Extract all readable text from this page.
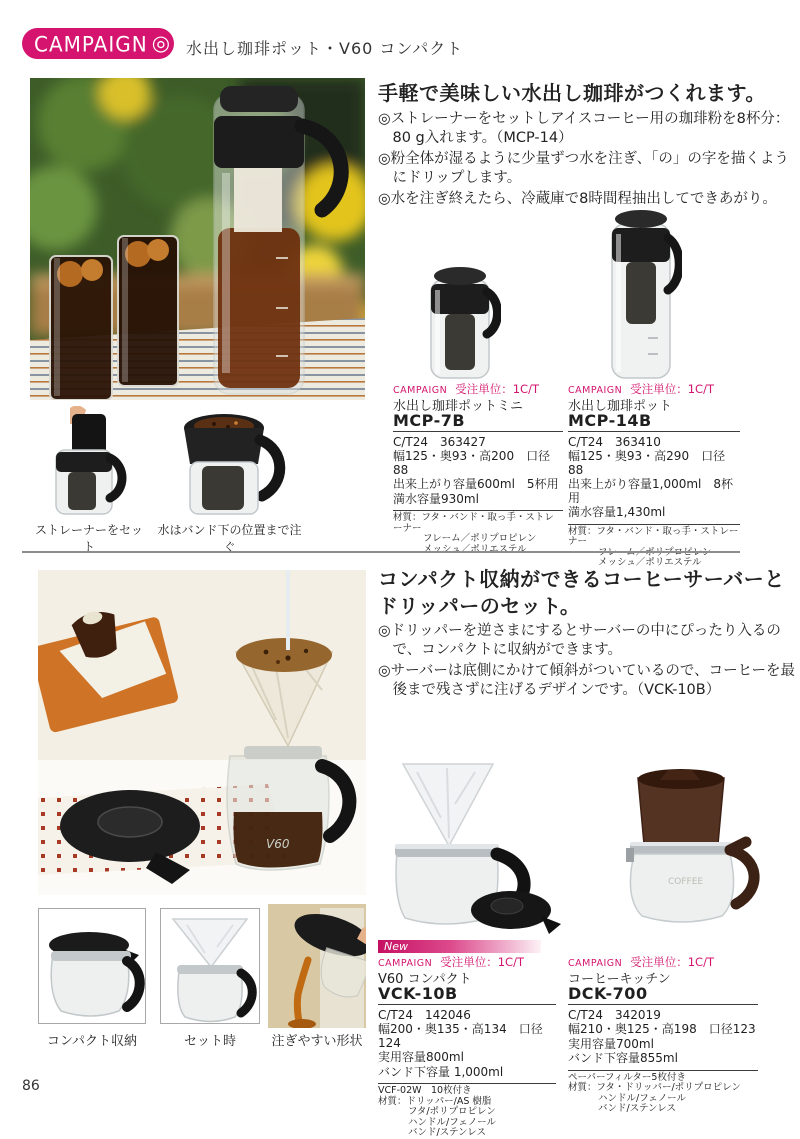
CAMPAIGN ◎ 水出し珈琲ポット・V60 コンパクト
手軽で美味しい水出し珈琲がつくれます。
◎ストレーナーをセットしアイスコーヒー用の珈琲粉を8杯分：80 g入れます。（MCP-14）
◎粉全体が湿るように少量ずつ水を注ぎ、「の」の字を描くようにドリップします。
◎水を注ぎ終えたら、冷蔵庫で8時間程抽出してできあがり。
CAMPAIGN 受注単位：1C/T
水出し珈琲ポットミニ
MCP-7B
C/T24　363427
幅125・奥93・高200　口径88
出来上がり容量600ml　5杯用
満水容量930ml
材質：フタ・バンド・取っ手・ストレーナー
フレーム／ポリプロピレン
メッシュ／ポリエステル
CAMPAIGN 受注単位：1C/T
水出し珈琲ポット
MCP-14B
C/T24　363410
幅125・奥93・高290　口径88
出来上がり容量1,000ml　8杯用
満水容量1,430ml
材質：フタ・バンド・取っ手・ストレーナー
フレーム／ポリプロピレン
メッシュ／ポリエステル
ストレーナーをセット
水はバンド下の位置まで注ぐ
V60
コンパクト収納ができるコーヒーサーバーとドリッパーのセット。
◎ドリッパーを逆さまにするとサーバーの中にぴったり入るので、コンパクトに収納ができます。
◎サーバーは底側にかけて傾斜がついているので、コーヒーを最後まで残さずに注げるデザインです。（VCK-10B）
COFFEE
コンパクト収納	セット時	注ぎやすい形状
New
CAMPAIGN 受注単位：1C/T
V60 コンパクト
VCK-10B
C/T24　142046
幅200・奥135・高134　口径124
実用容量800ml
バンド下容量 1,000ml
VCF-02W　10枚付き
材質：ドリッパー/AS 樹脂
フタ/ポリプロピレン
ハンドル/フェノール
バンド/ステンレス
CAMPAIGN 受注単位：1C/T
コーヒーキッチン
DCK-700
C/T24　342019
幅210・奥125・高198　口径123
実用容量700ml
バンド下容量855ml
ペーパーフィルター5枚付き
材質：フタ・ドリッパー/ポリプロピレン
ハンドル/フェノール
バンド/ステンレス
86
